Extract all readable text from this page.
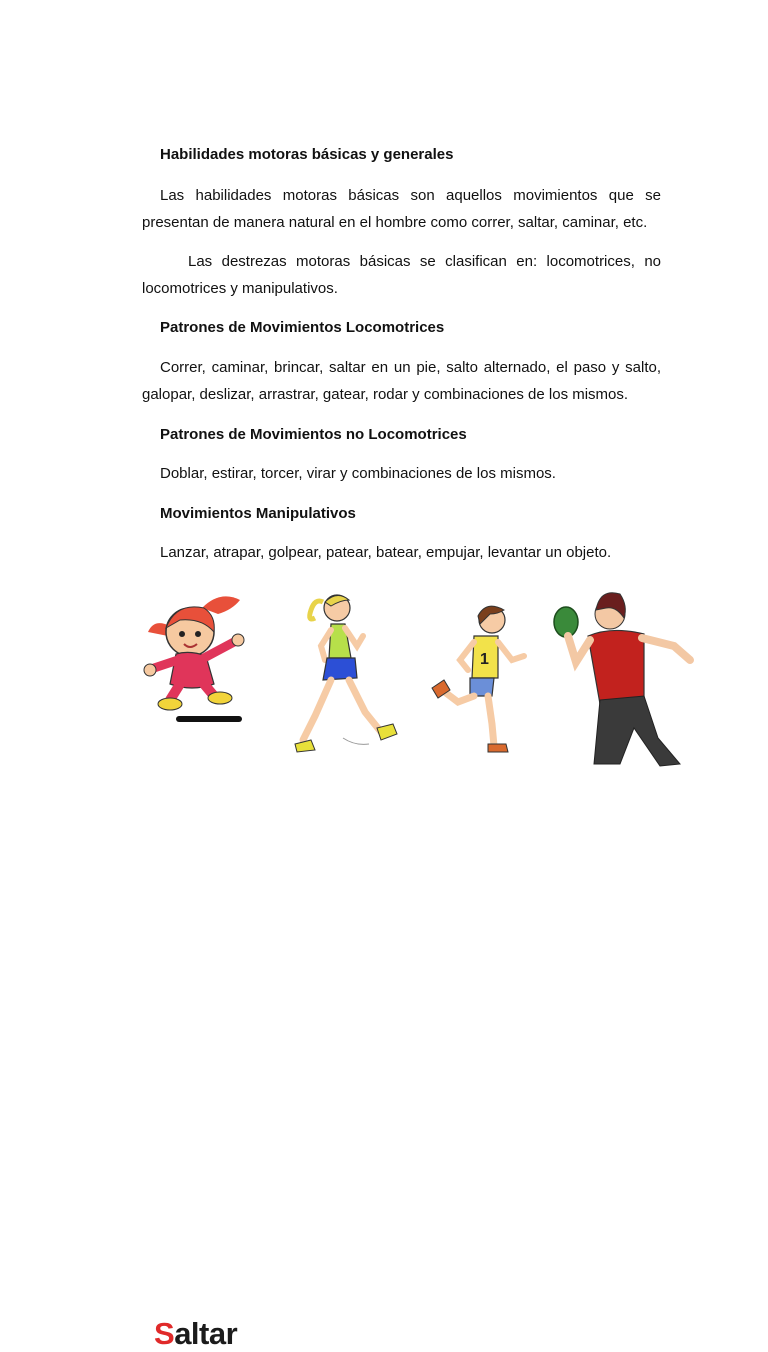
Habilidades motoras básicas y generales
Las habilidades motoras básicas son aquellos movimientos que se presentan de manera natural en el hombre como correr, saltar, caminar, etc.
Las destrezas motoras básicas se clasifican en: locomotrices, no locomotrices y manipulativos.
Patrones de Movimientos Locomotrices
Correr, caminar, brincar, saltar en un pie, salto alternado, el paso y salto, galopar, deslizar, arrastrar, gatear, rodar y combinaciones de los mismos.
Patrones de Movimientos no Locomotrices
Doblar, estirar, torcer, virar y combinaciones de los mismos.
Movimientos Manipulativos
Lanzar, atrapar, golpear, patear, batear, empujar, levantar un objeto.
Saltar
1
